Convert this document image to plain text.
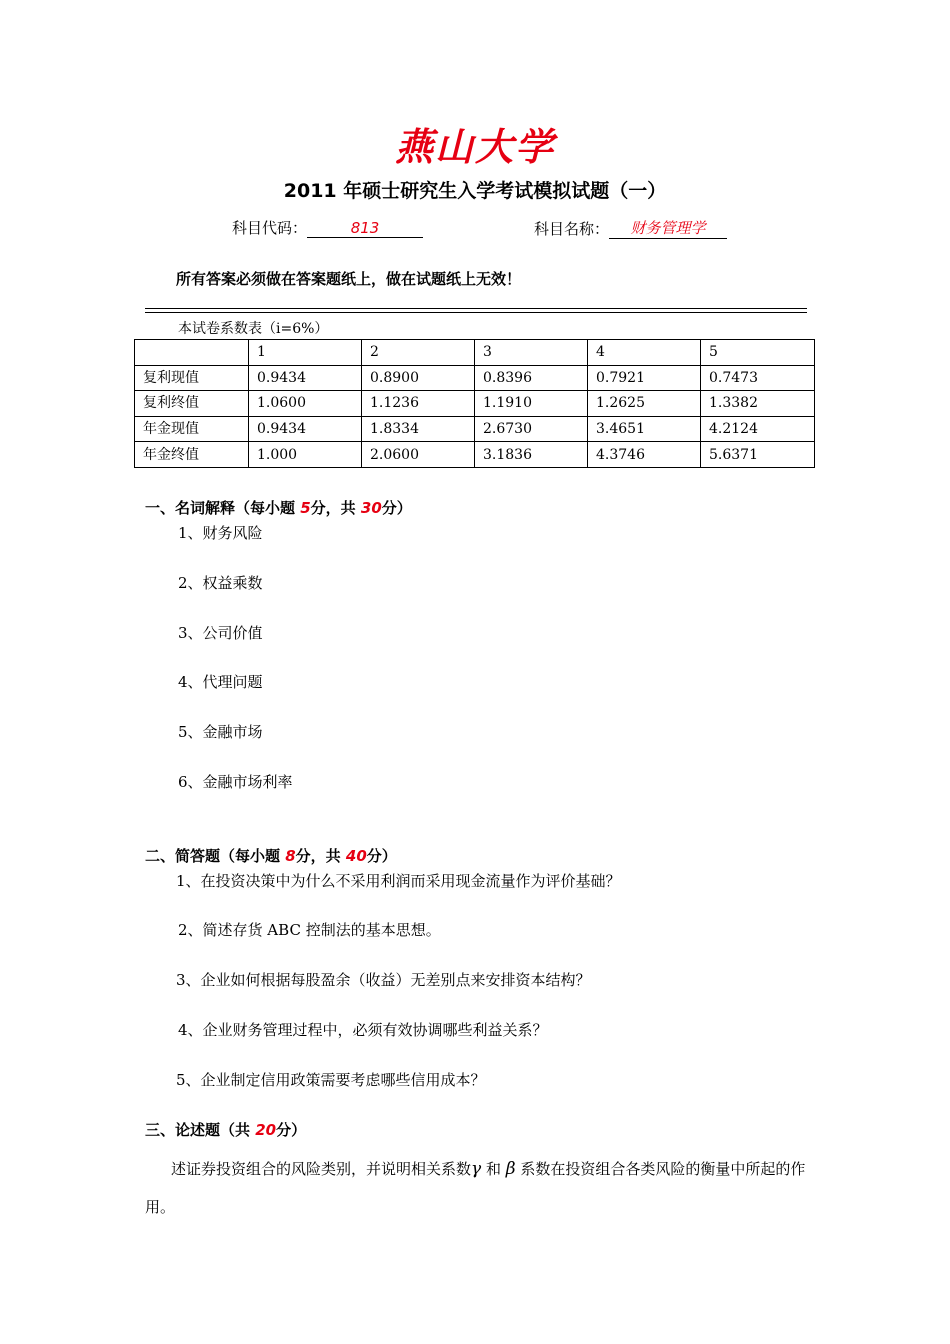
燕山大学
2011 年硕士研究生入学考试模拟试题（一）
科目代码：	813	科目名称： 财务管理学
所有答案必须做在答案题纸上，做在试题纸上无效！
本试卷系数表（i=6%）
	1	2	3	4	5
复利现值	0.9434	0.8900	0.8396	0.7921	0.7473
复利终值	1.0600	1.1236	1.1910	1.2625	1.3382
年金现值	0.9434	1.8334	2.6730	3.4651	4.2124
年金终值	1.000	2.0600	3.1836	4.3746	5.6371
一、名词解释（每小题 5分，共 30分）
1、财务风险
2、权益乘数
3、公司价值
4、代理问题
5、金融市场
6、金融市场利率
二、简答题（每小题 8分，共 40分）
1、在投资决策中为什么不采用利润而采用现金流量作为评价基础？
2、简述存货 ABC 控制法的基本思想。
3、企业如何根据每股盈余（收益）无差别点来安排资本结构？
4、企业财务管理过程中，必须有效协调哪些利益关系？
5、企业制定信用政策需要考虑哪些信用成本？
三、论述题（共 20分）
述证券投资组合的风险类别，并说明相关系数γ 和 β 系数在投资组合各类风险的衡量中所起的作用。
